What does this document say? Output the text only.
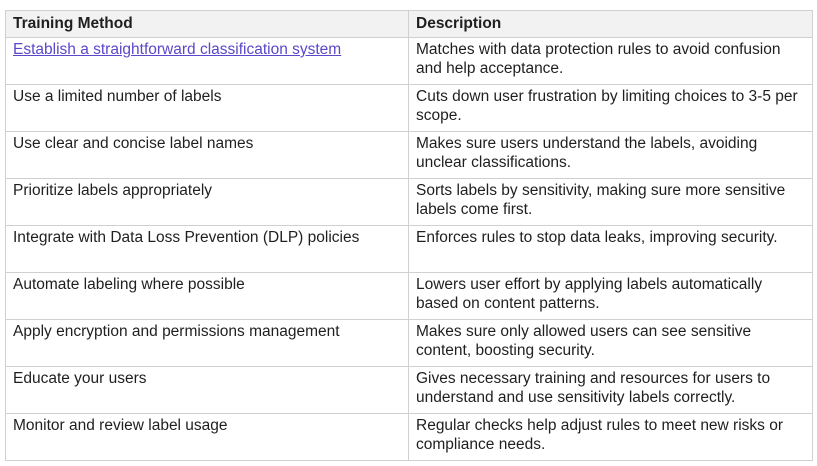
Training Method	Description
Establish a straightforward classification system	Matches with data protection rules to avoid confusion and help acceptance.
Use a limited number of labels	Cuts down user frustration by limiting choices to 3-5 per scope.
Use clear and concise label names	Makes sure users understand the labels, avoiding unclear classifications.
Prioritize labels appropriately	Sorts labels by sensitivity, making sure more sensitive labels come first.
Integrate with Data Loss Prevention (DLP) policies	Enforces rules to stop data leaks, improving security.
Automate labeling where possible	Lowers user effort by applying labels automatically based on content patterns.
Apply encryption and permissions management	Makes sure only allowed users can see sensitive content, boosting security.
Educate your users	Gives necessary training and resources for users to understand and use sensitivity labels correctly.
Monitor and review label usage	Regular checks help adjust rules to meet new risks or compliance needs.
